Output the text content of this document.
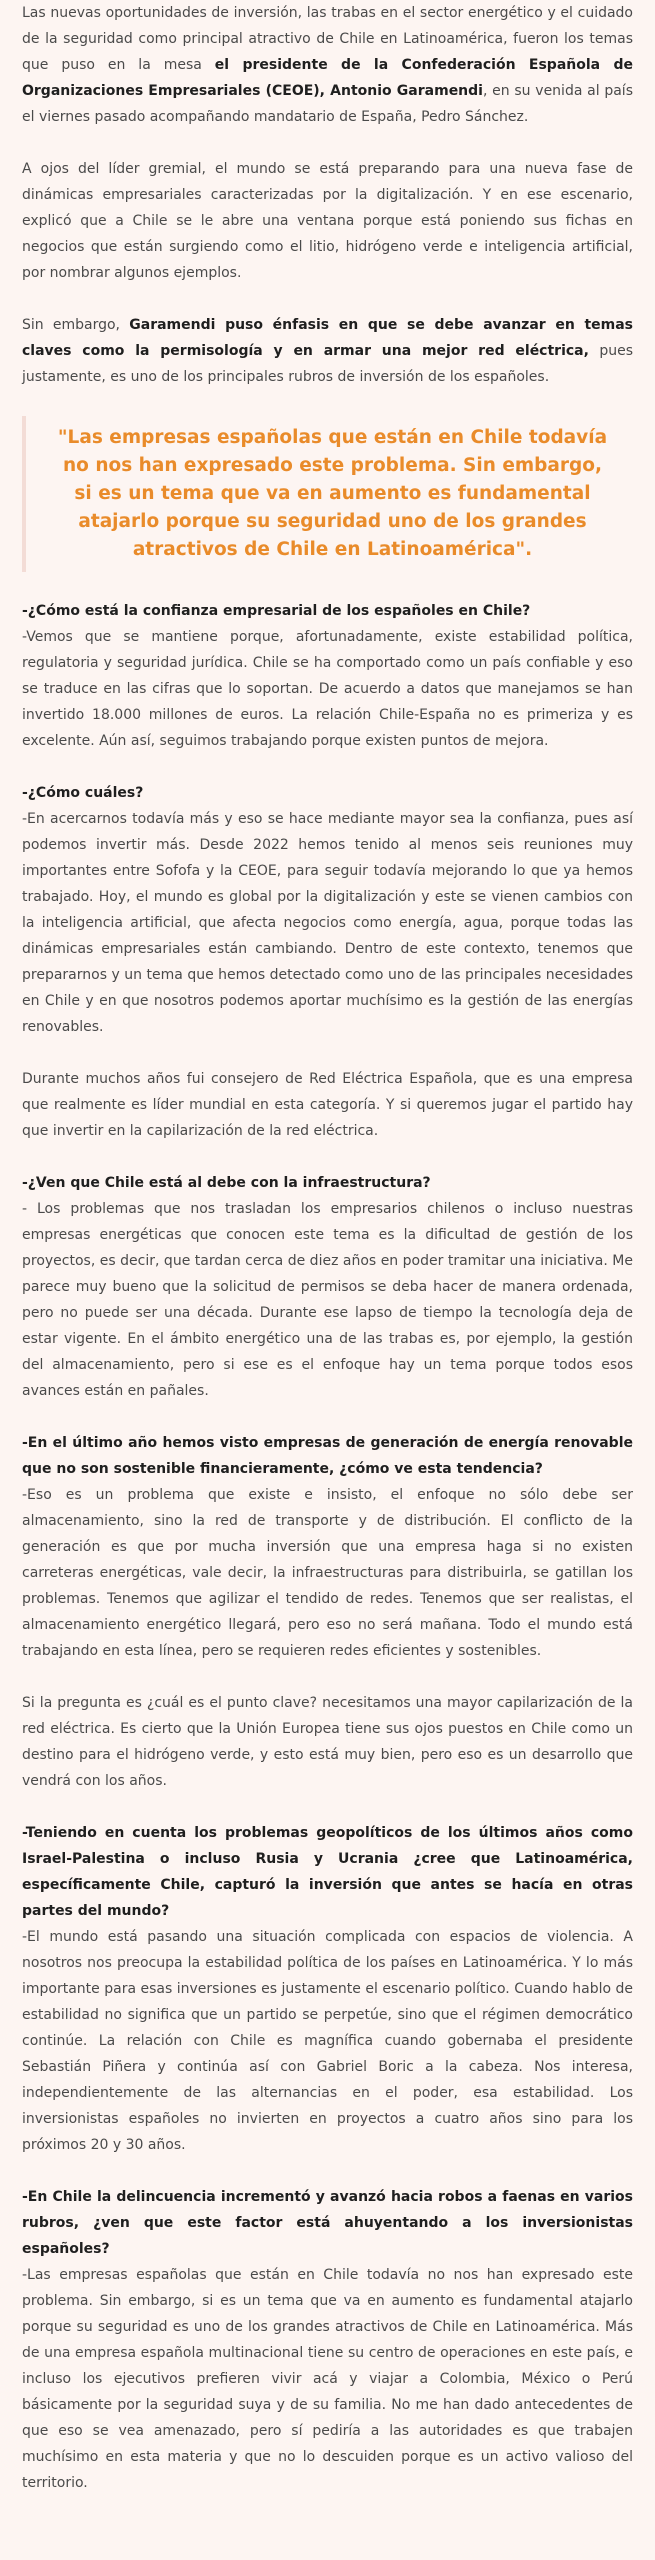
Las nuevas oportunidades de inversión, las trabas en el sector energético y el cuidado de la seguridad como principal atractivo de Chile en Latinoamérica, fueron los temas que puso en la mesa el presidente de la Confederación Española de Organizaciones Empresariales (CEOE), Antonio Garamendi, en su venida al país el viernes pasado acompañando mandatario de España, Pedro Sánchez.

A ojos del líder gremial, el mundo se está preparando para una nueva fase de dinámicas empresariales caracterizadas por la digitalización. Y en ese escenario, explicó que a Chile se le abre una ventana porque está poniendo sus fichas en negocios que están surgiendo como el litio, hidrógeno verde e inteligencia artificial, por nombrar algunos ejemplos.

Sin embargo, Garamendi puso énfasis en que se debe avanzar en temas claves como la permisología y en armar una mejor red eléctrica, pues justamente, es uno de los principales rubros de inversión de los españoles.

"Las empresas españolas que están en Chile todavía no nos han expresado este problema. Sin embargo, si es un tema que va en aumento es fundamental atajarlo porque su seguridad uno de los grandes atractivos de Chile en Latinoamérica".

-¿Cómo está la confianza empresarial de los españoles en Chile?

-Vemos que se mantiene porque, afortunadamente, existe estabilidad política, regulatoria y seguridad jurídica. Chile se ha comportado como un país confiable y eso se traduce en las cifras que lo soportan. De acuerdo a datos que manejamos se han invertido 18.000 millones de euros. La relación Chile-España no es primeriza y es excelente. Aún así, seguimos trabajando porque existen puntos de mejora.

-¿Cómo cuáles?

-En acercarnos todavía más y eso se hace mediante mayor sea la confianza, pues así podemos invertir más. Desde 2022 hemos tenido al menos seis reuniones muy importantes entre Sofofa y la CEOE, para seguir todavía mejorando lo que ya hemos trabajado. Hoy, el mundo es global por la digitalización y este se vienen cambios con la inteligencia artificial, que afecta negocios como energía, agua, porque todas las dinámicas empresariales están cambiando. Dentro de este contexto, tenemos que prepararnos y un tema que hemos detectado como uno de las principales necesidades en Chile y en que nosotros podemos aportar muchísimo es la gestión de las energías renovables.

Durante muchos años fui consejero de Red Eléctrica Española, que es una empresa que realmente es líder mundial en esta categoría. Y si queremos jugar el partido hay que invertir en la capilarización de la red eléctrica.

-¿Ven que Chile está al debe con la infraestructura?

- Los problemas que nos trasladan los empresarios chilenos o incluso nuestras empresas energéticas que conocen este tema es la dificultad de gestión de los proyectos, es decir, que tardan cerca de diez años en poder tramitar una iniciativa. Me parece muy bueno que la solicitud de permisos se deba hacer de manera ordenada, pero no puede ser una década. Durante ese lapso de tiempo la tecnología deja de estar vigente. En el ámbito energético una de las trabas es, por ejemplo, la gestión del almacenamiento, pero si ese es el enfoque hay un tema porque todos esos avances están en pañales.

-En el último año hemos visto empresas de generación de energía renovable que no son sostenible financieramente, ¿cómo ve esta tendencia?

-Eso es un problema que existe e insisto, el enfoque no sólo debe ser almacenamiento, sino la red de transporte y de distribución. El conflicto de la generación es que por mucha inversión que una empresa haga si no existen carreteras energéticas, vale decir, la infraestructuras para distribuirla, se gatillan los problemas. Tenemos que agilizar el tendido de redes. Tenemos que ser realistas, el almacenamiento energético llegará, pero eso no será mañana. Todo el mundo está trabajando en esta línea, pero se requieren redes eficientes y sostenibles.

Si la pregunta es ¿cuál es el punto clave? necesitamos una mayor capilarización de la red eléctrica. Es cierto que la Unión Europea tiene sus ojos puestos en Chile como un destino para el hidrógeno verde, y esto está muy bien, pero eso es un desarrollo que vendrá con los años.

-Teniendo en cuenta los problemas geopolíticos de los últimos años como Israel-Palestina o incluso Rusia y Ucrania ¿cree que Latinoamérica, específicamente Chile, capturó la inversión que antes se hacía en otras partes del mundo?

-El mundo está pasando una situación complicada con espacios de violencia. A nosotros nos preocupa la estabilidad política de los países en Latinoamérica. Y lo más importante para esas inversiones es justamente el escenario político. Cuando hablo de estabilidad no significa que un partido se perpetúe, sino que el régimen democrático continúe. La relación con Chile es magnífica cuando gobernaba el presidente Sebastián Piñera y continúa así con Gabriel Boric a la cabeza. Nos interesa, independientemente de las alternancias en el poder, esa estabilidad. Los inversionistas españoles no invierten en proyectos a cuatro años sino para los próximos 20 y 30 años.

-En Chile la delincuencia incrementó y avanzó hacia robos a faenas en varios rubros, ¿ven que este factor está ahuyentando a los inversionistas españoles?

-Las empresas españolas que están en Chile todavía no nos han expresado este problema. Sin embargo, si es un tema que va en aumento es fundamental atajarlo porque su seguridad es uno de los grandes atractivos de Chile en Latinoamérica. Más de una empresa española multinacional tiene su centro de operaciones en este país, e incluso los ejecutivos prefieren vivir acá y viajar a Colombia, México o Perú básicamente por la seguridad suya y de su familia. No me han dado antecedentes de que eso se vea amenazado, pero sí pediría a las autoridades es que trabajen muchísimo en esta materia y que no lo descuiden porque es un activo valioso del territorio.
